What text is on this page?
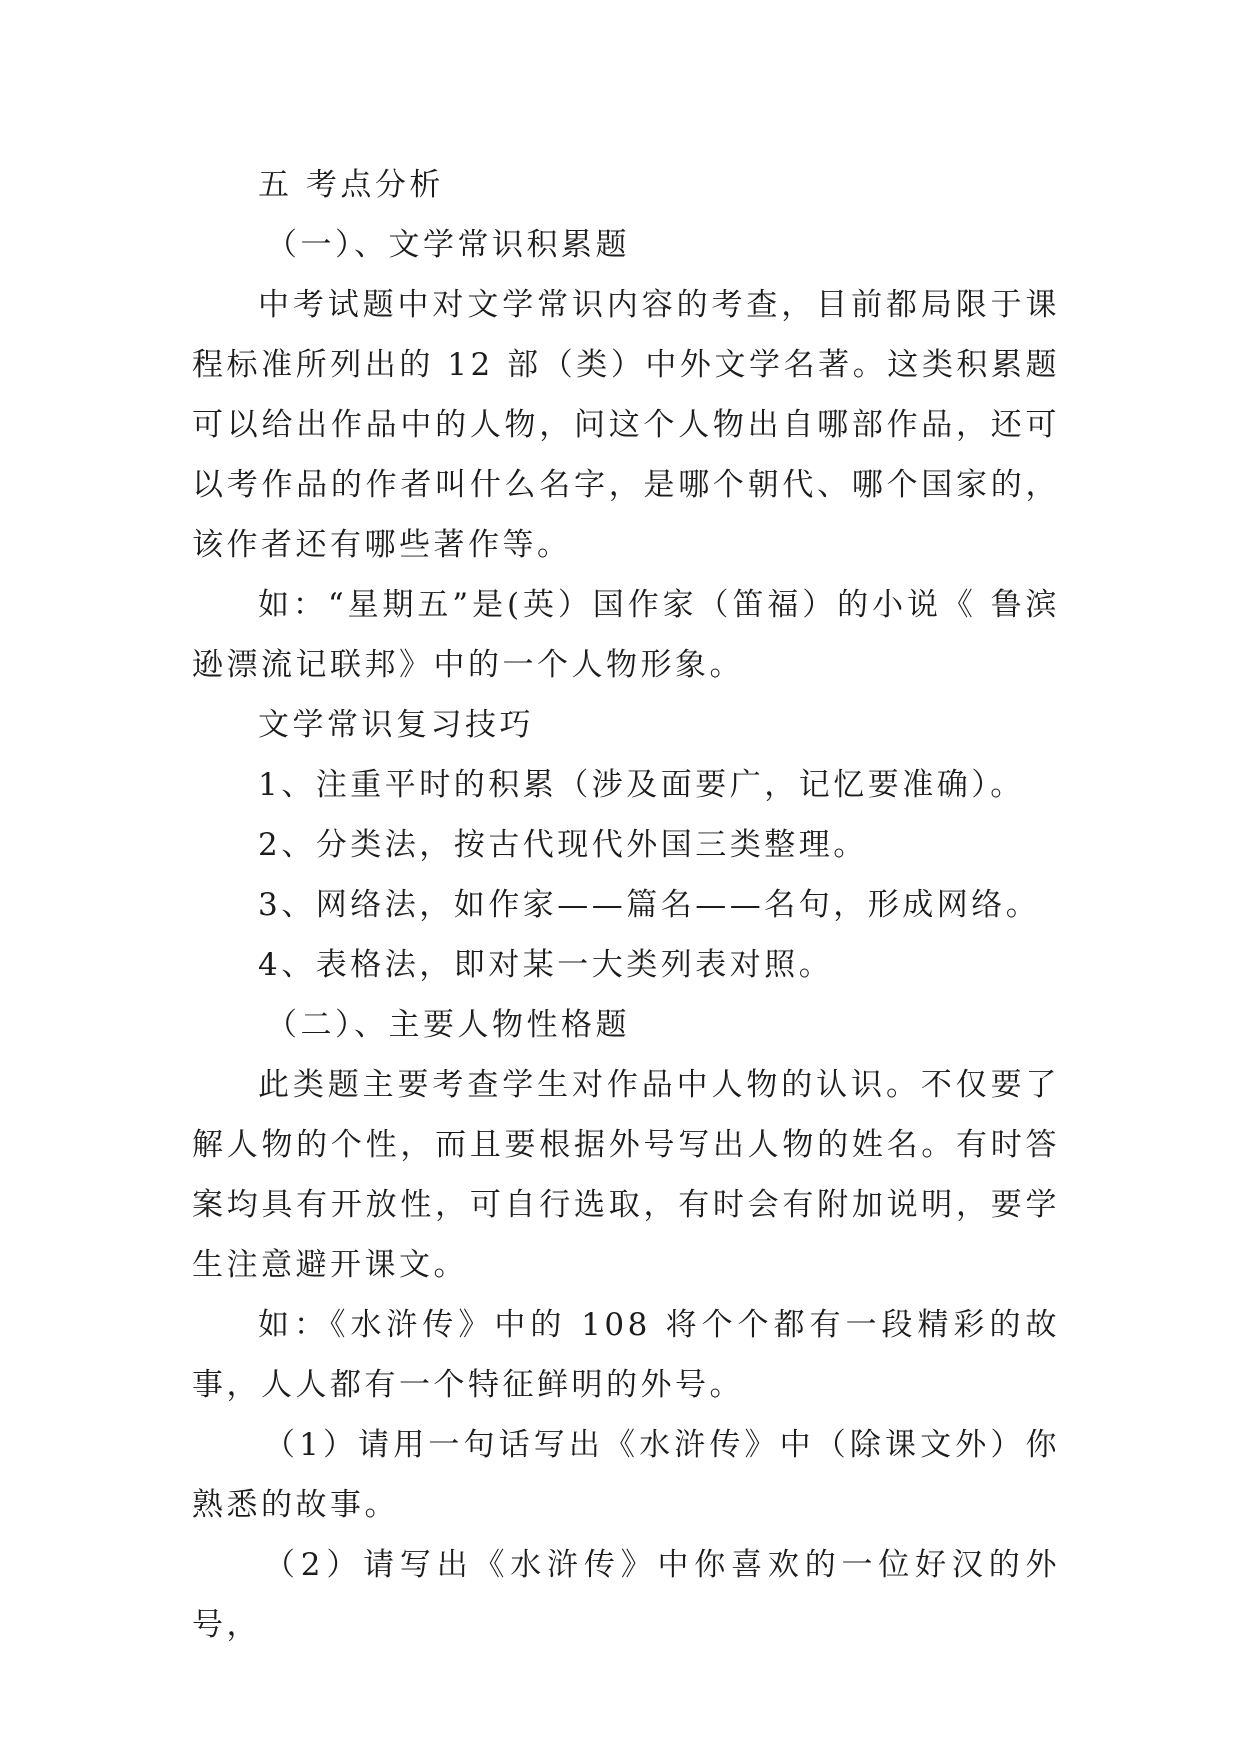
五 考点分析

（一）、文学常识积累题

中考试题中对文学常识内容的考查，目前都局限于课程标准所列出的 12 部（类）中外文学名著。这类积累题可以给出作品中的人物，问这个人物出自哪部作品，还可以考作品的作者叫什么名字，是哪个朝代、哪个国家的，该作者还有哪些著作等。

如：“星期五”是(英）国作家（笛福）的小说《 鲁滨逊漂流记联邦》中的一个人物形象。

文学常识复习技巧

1、注重平时的积累（涉及面要广，记忆要准确）。

2、分类法，按古代现代外国三类整理。

3、网络法，如作家——篇名——名句，形成网络。

4、表格法，即对某一大类列表对照。

（二）、主要人物性格题

此类题主要考查学生对作品中人物的认识。不仅要了解人物的个性，而且要根据外号写出人物的姓名。有时答案均具有开放性，可自行选取，有时会有附加说明，要学生注意避开课文。

如：《水浒传》中的 108 将个个都有一段精彩的故事，人人都有一个特征鲜明的外号。

（1）请用一句话写出《水浒传》中（除课文外）你熟悉的故事。

（2）请写出《水浒传》中你喜欢的一位好汉的外号，
